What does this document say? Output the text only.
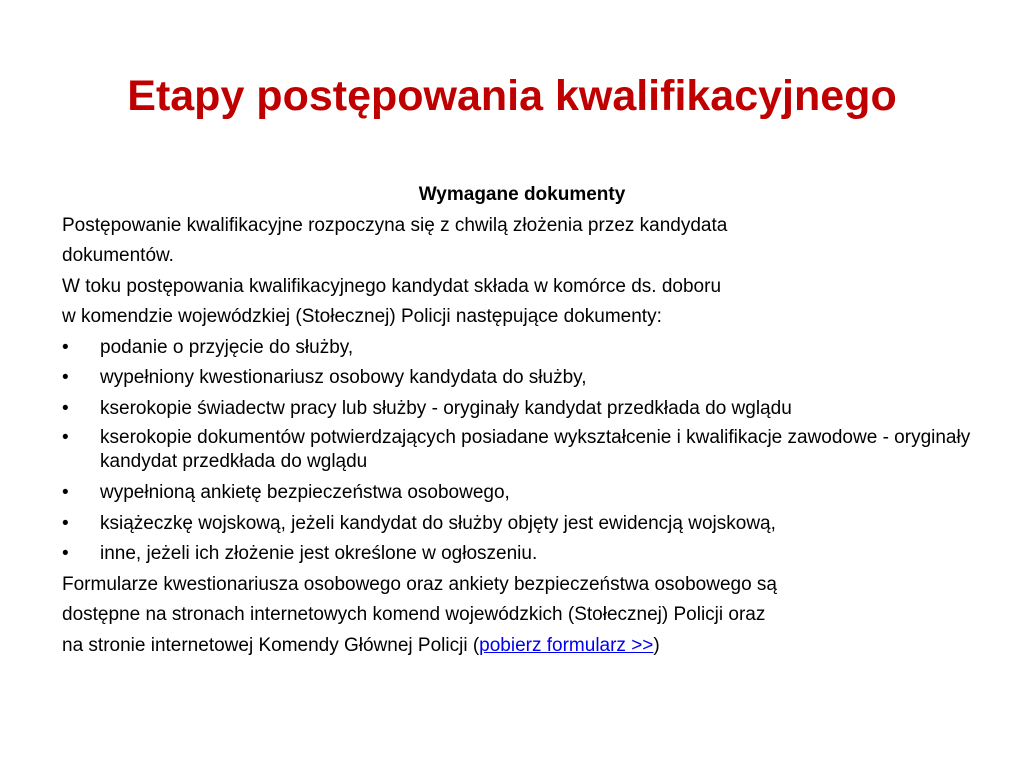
Etapy postępowania kwalifikacyjnego
Wymagane dokumenty

Postępowanie kwalifikacyjne rozpoczyna się z chwilą złożenia przez kandydata

dokumentów.

W toku postępowania kwalifikacyjnego kandydat składa w komórce ds. doboru

w komendzie wojewódzkiej (Stołecznej) Policji następujące dokumenty:

• podanie o przyjęcie do służby,
• wypełniony kwestionariusz osobowy kandydata do służby,
• kserokopie świadectw pracy lub służby - oryginały kandydat przedkłada do wglądu
• kserokopie dokumentów potwierdzających posiadane wykształcenie i kwalifikacje zawodowe - oryginały kandydat przedkłada do wglądu
• wypełnioną ankietę bezpieczeństwa osobowego,
• książeczkę wojskową, jeżeli kandydat do służby objęty jest ewidencją wojskową,
• inne, jeżeli ich złożenie jest określone w ogłoszeniu.

Formularze kwestionariusza osobowego oraz ankiety bezpieczeństwa osobowego są

dostępne na stronach internetowych komend wojewódzkich (Stołecznej) Policji oraz

na stronie internetowej Komendy Głównej Policji (pobierz formularz >>)
